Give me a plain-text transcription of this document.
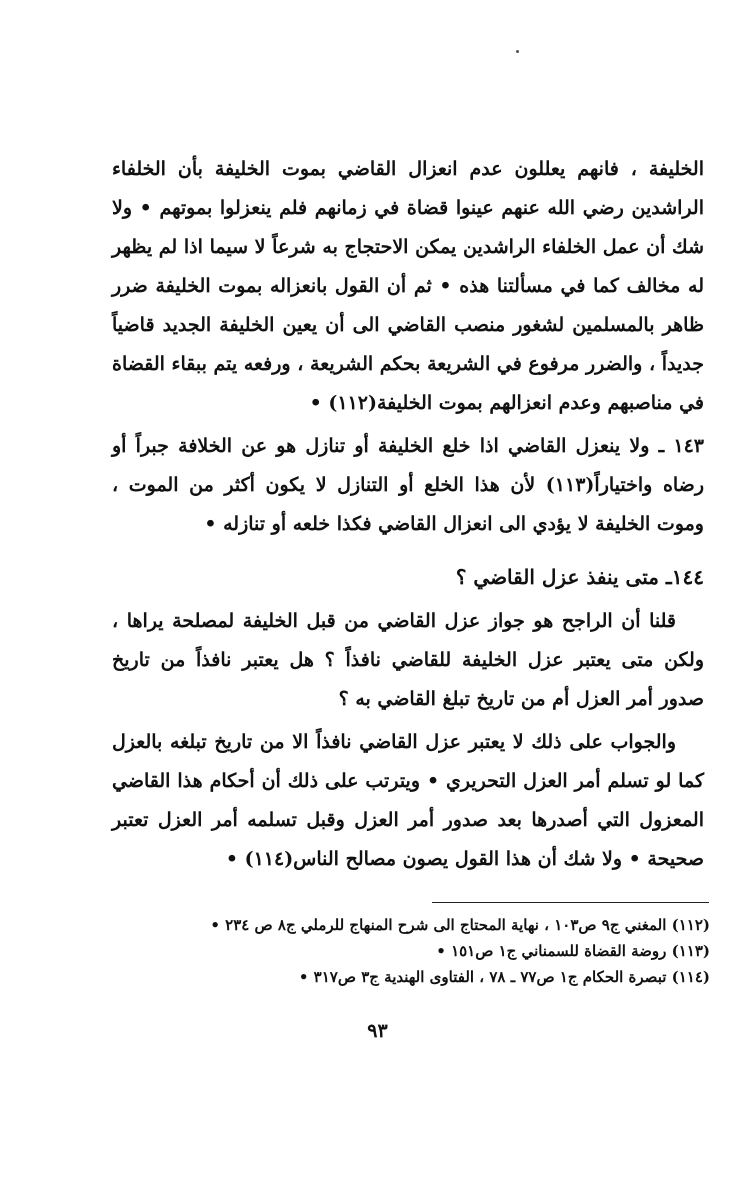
الخليفة ، فانهم يعللون عدم انعزال القاضي بموت الخليفة بأن الخلفاء الراشدين رضي الله عنهم عينوا قضاة في زمانهم فلم ينعزلوا بموتهم • ولا شك أن عمل الخلفاء الراشدين يمكن الاحتجاج به شرعاً لا سيما اذا لم يظهر له مخالف كما في مسألتنا هذه • ثم أن القول بانعزاله بموت الخليفة ضرر ظاهر بالمسلمين لشغور منصب القاضي الى أن يعين الخليفة الجديد قاضياً جديداً ، والضرر مرفوع في الشريعة بحكم الشريعة ، ورفعه يتم ببقاء القضاة في مناصبهم وعدم انعزالهم بموت الخليفة(١١٢) •

١٤٣ ـ ولا ينعزل القاضي اذا خلع الخليفة أو تنازل هو عن الخلافة جبراً أو رضاه واختياراً(١١٣) لأن هذا الخلع أو التنازل لا يكون أكثر من الموت ، وموت الخليفة لا يؤدي الى انعزال القاضي فكذا خلعه أو تنازله •

١٤٤ـ متى ينفذ عزل القاضي ؟

قلنا أن الراجح هو جواز عزل القاضي من قبل الخليفة لمصلحة يراها ، ولكن متى يعتبر عزل الخليفة للقاضي نافذاً ؟ هل يعتبر نافذاً من تاريخ صدور أمر العزل أم من تاريخ تبلغ القاضي به ؟

والجواب على ذلك لا يعتبر عزل القاضي نافذاً الا من تاريخ تبلغه بالعزل كما لو تسلم أمر العزل التحريري • ويترتب على ذلك أن أحكام هذا القاضي المعزول التي أصدرها بعد صدور أمر العزل وقبل تسلمه أمر العزل تعتبر صحيحة • ولا شك أن هذا القول يصون مصالح الناس(١١٤) •

(١١٢) المغني ج٩ ص١٠٣ ، نهاية المحتاج الى شرح المنهاج للرملي ج٨ ص ٢٣٤ •

(١١٣) روضة القضاة للسمناني ج١ ص١٥١ •

(١١٤) تبصرة الحكام ج١ ص٧٧ ـ ٧٨ ، الفتاوى الهندية ج٣ ص٣١٧ •

٩٣
